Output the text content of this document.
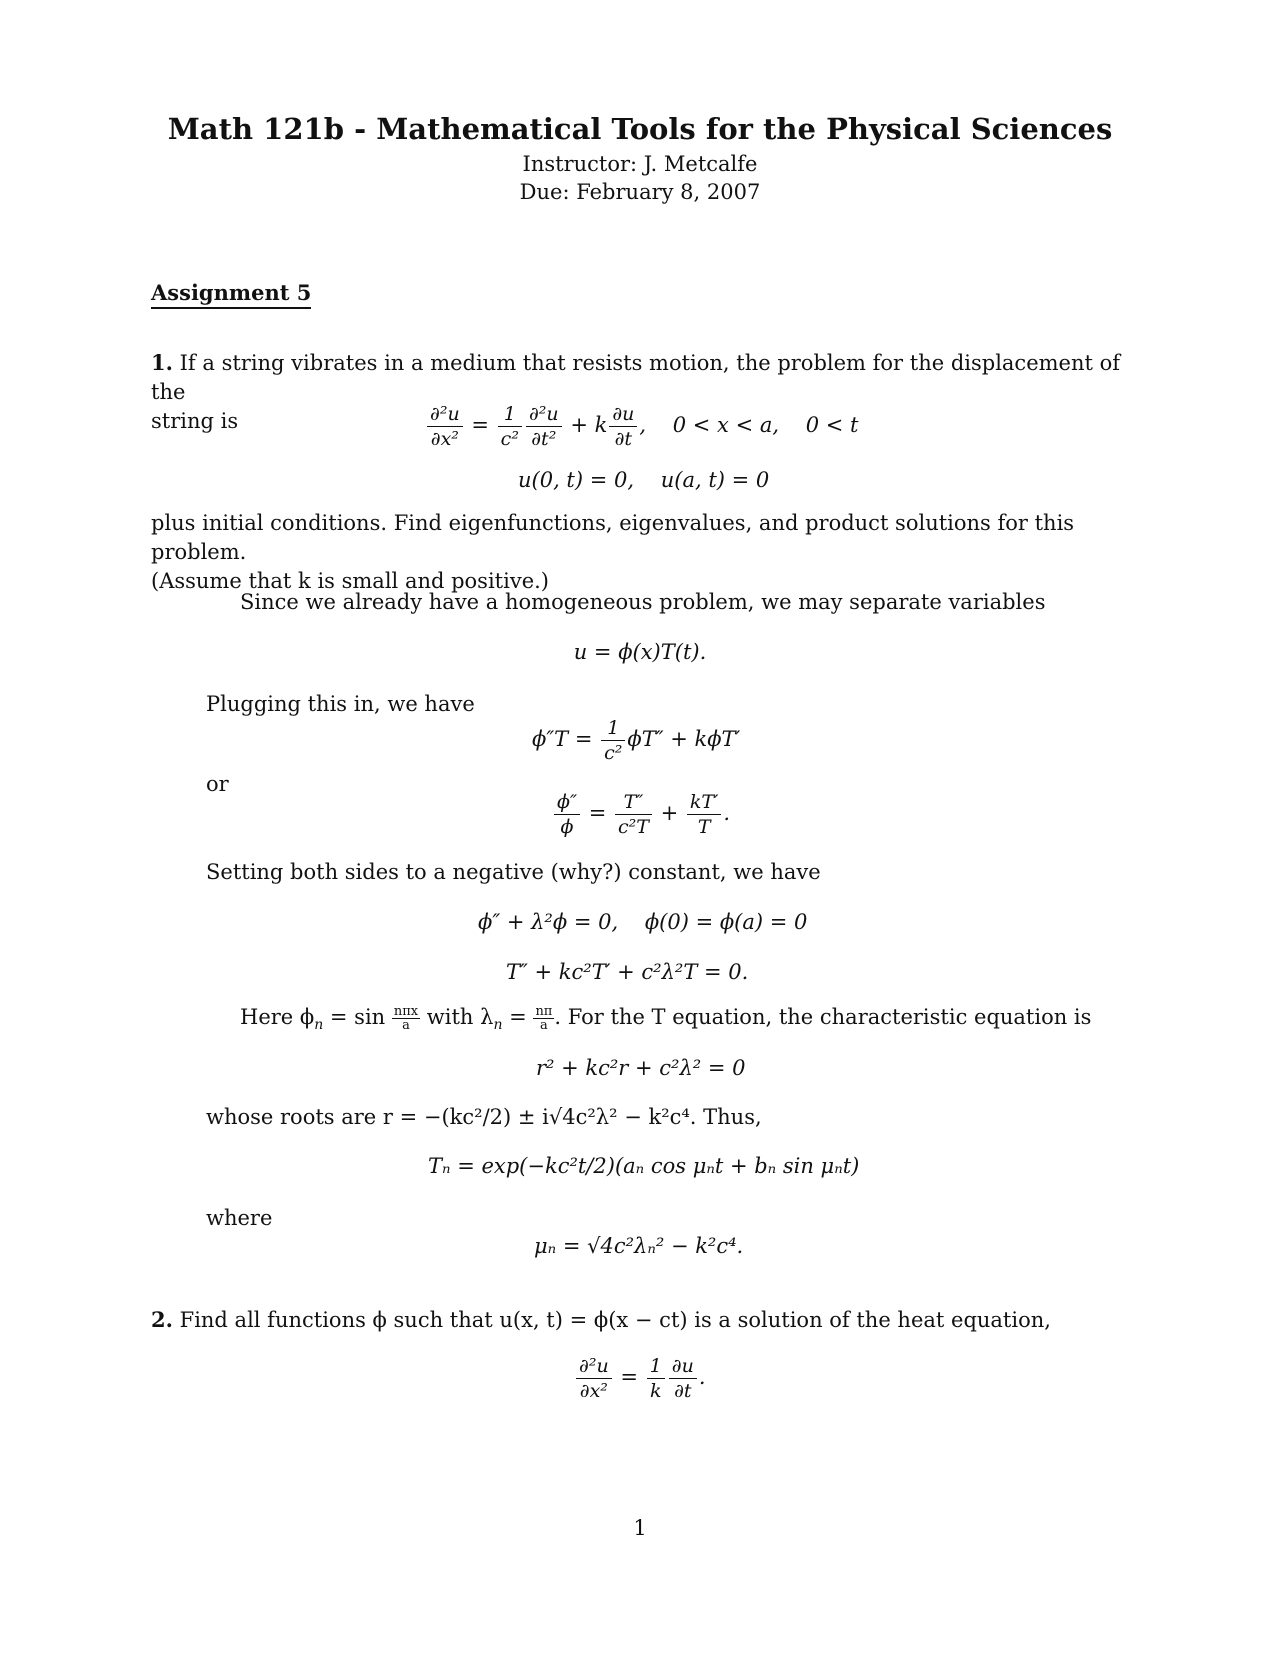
Math 121b - Mathematical Tools for the Physical Sciences
Instructor: J. Metcalfe
Due: February 8, 2007
Assignment 5
1. If a string vibrates in a medium that resists motion, the problem for the displacement of the
string is	$\frac{\text{∂²u}}{\text{∂x²}} = \frac{1}{\text{c²}} \frac{\text{∂²u}}{\text{∂t²}} + k \frac{\partial u}{\partial t}$ ,    0 < x < a,    0 < t
u(0, t) = 0,    u(a, t) = 0
plus initial conditions. Find eigenfunctions, eigenvalues, and product solutions for this problem.
(Assume that k is small and positive.)
Since we already have a homogeneous problem, we may separate variables
u = ϕ(x)T(t).
Plugging this in, we have
$\phi''T = \frac{1}{\text{c²}} \phi T'' + k\phi T'$
or
$\frac{\phi''}{\phi} = \frac{T''}{\text{c²T}} + \frac{kT'}{T}$ .
Setting both sides to a negative (why?) constant, we have
ϕ″ + λ²ϕ = 0,    ϕ(0) = ϕ(a) = 0
T″ + kc²T′ + c²λ²T = 0.
Here $\phi_n = \sin n\pi x$
a with $\lambda_n = \frac{n\pi}{a}$ . For the T equation, the characteristic equation is
r² + kc²r + c²λ² = 0
whose roots are r = −(kc²/2) ± i√4c²λ² − k²c⁴. Thus,
Tₙ = exp(−kc²t/2)(aₙ cos μₙt + bₙ sin μₙt)
where
μₙ = √4c²λₙ² − k²c⁴.
2. Find all functions ϕ such that u(x, t) = ϕ(x − ct) is a solution of the heat equation,
$\frac{\text{∂²u}}{\text{∂x²}} = \frac{1}{k} \frac{\partial u}{\partial t}$ .
1
